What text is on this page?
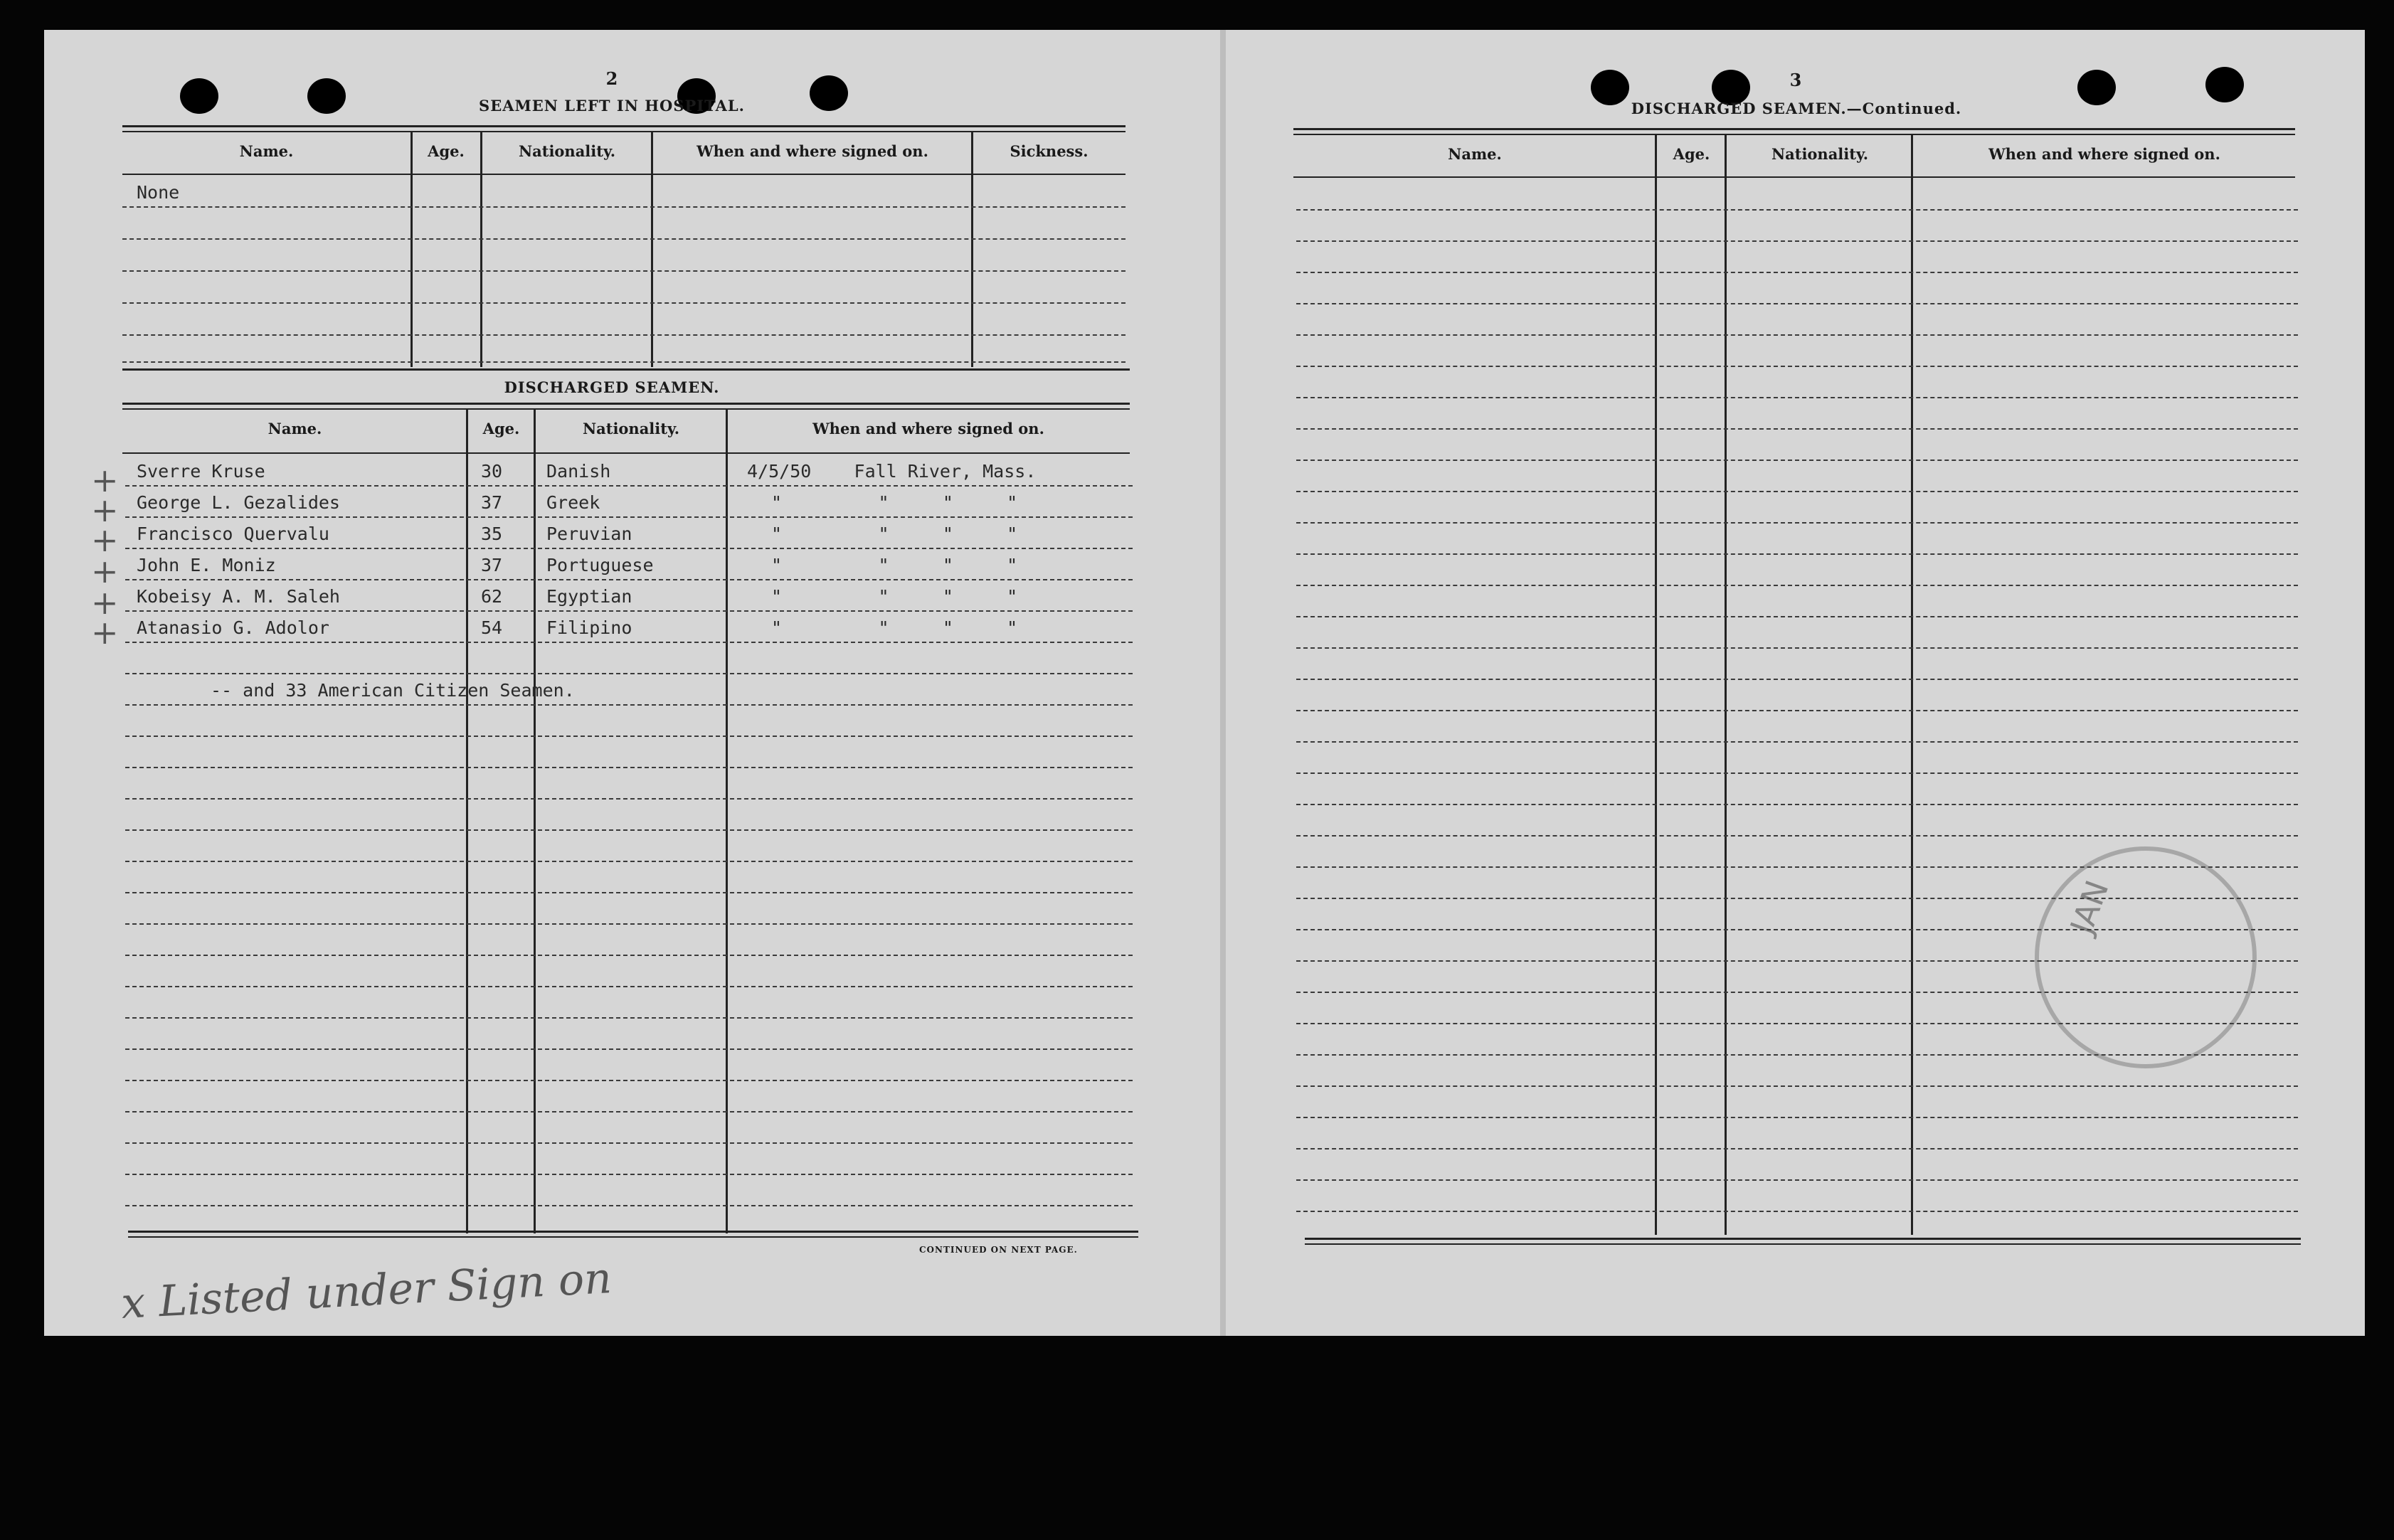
2
SEAMEN LEFT IN HOSPITAL.
Name.	Age.	Nationality.	When and where signed on.	Sickness.
None
DISCHARGED SEAMEN.
Name.	Age.	Nationality.	When and where signed on.
Sverre Kruse	30 Danish	4/5/50    Fall River, Mass.
George L. Gezalides	37 Greek	"         "     "     "
Francisco Quervalu	35 Peruvian	"         "     "     "
John E. Moniz	37 Portuguese	"         "     "     "
Kobeisy A. M. Saleh	62 Egyptian	"         "     "     "
Atanasio G. Adolor	54 Filipino	"         "     "     "
-- and 33 American Citizen Seamen.
+
+
+
+
+
+
CONTINUED ON NEXT PAGE.
x Listed under Sign on
3
DISCHARGED SEAMEN.—Continued.
Name.	Age.	Nationality.	When and where signed on.
JAN
